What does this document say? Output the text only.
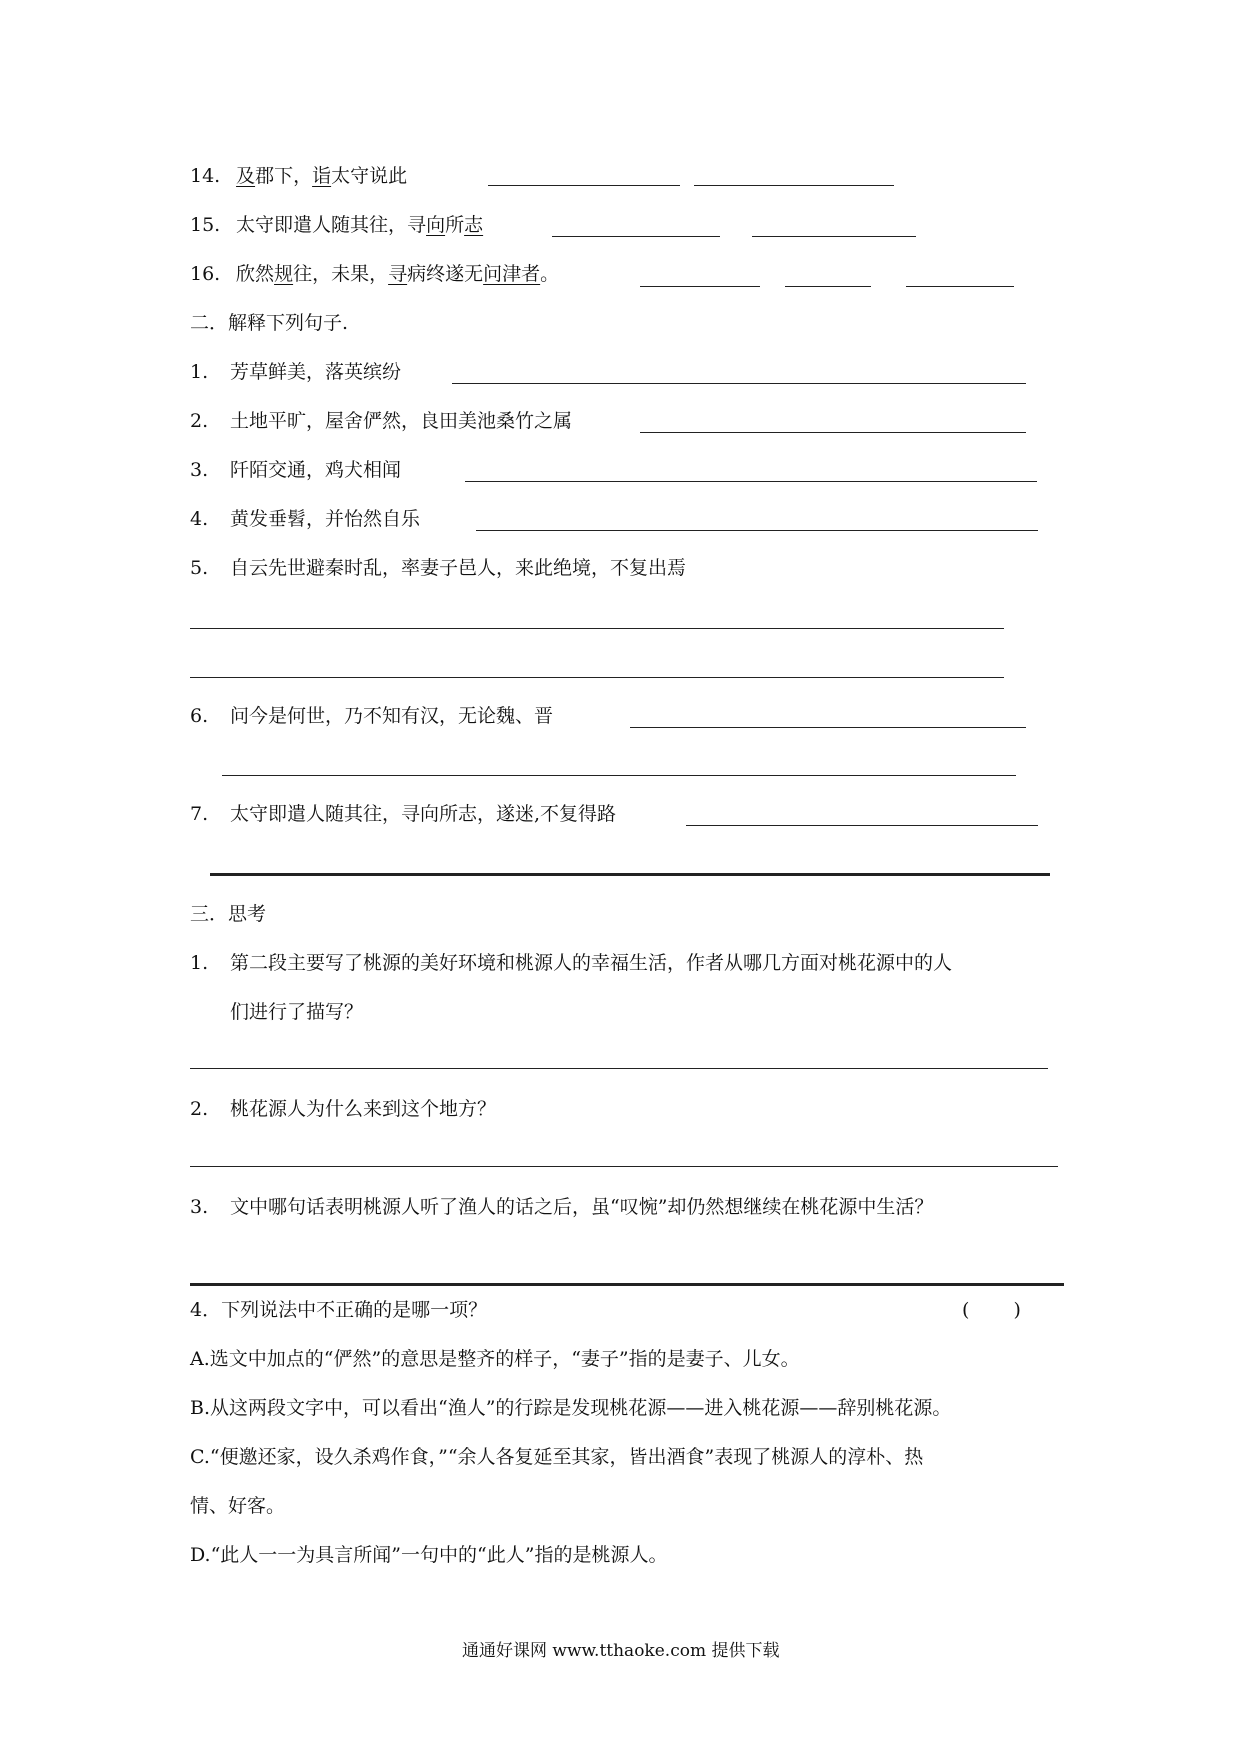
14. 及郡下，诣太守说此
15. 太守即遣人随其往，寻向所志
16. 欣然规往，未果，寻病终遂无问津者。
二．解释下列句子.
1. 芳草鲜美，落英缤纷
2. 土地平旷，屋舍俨然，良田美池桑竹之属
3. 阡陌交通，鸡犬相闻
4. 黄发垂髫，并怡然自乐
5. 自云先世避秦时乱，率妻子邑人，来此绝境，不复出焉
6. 问今是何世，乃不知有汉，无论魏、晋
7. 太守即遣人随其往，寻向所志，遂迷,不复得路
三．思考
1. 第二段主要写了桃源的美好环境和桃源人的幸福生活，作者从哪几方面对桃花源中的人
们进行了描写？
2. 桃花源人为什么来到这个地方？
3. 文中哪句话表明桃源人听了渔人的话之后，虽“叹惋”却仍然想继续在桃花源中生活？
4．下列说法中不正确的是哪一项？	(　　 )
A.选文中加点的“俨然”的意思是整齐的样子，“妻子”指的是妻子、儿女。
B.从这两段文字中，可以看出“渔人”的行踪是发现桃花源——进入桃花源——辞别桃花源。
C.“便邀还家，设久杀鸡作食，”“余人各复延至其家，皆出酒食”表现了桃源人的淳朴、热
情、好客。
D.“此人一一为具言所闻”一句中的“此人”指的是桃源人。
通通好课网 www.tthaoke.com 提供下载
